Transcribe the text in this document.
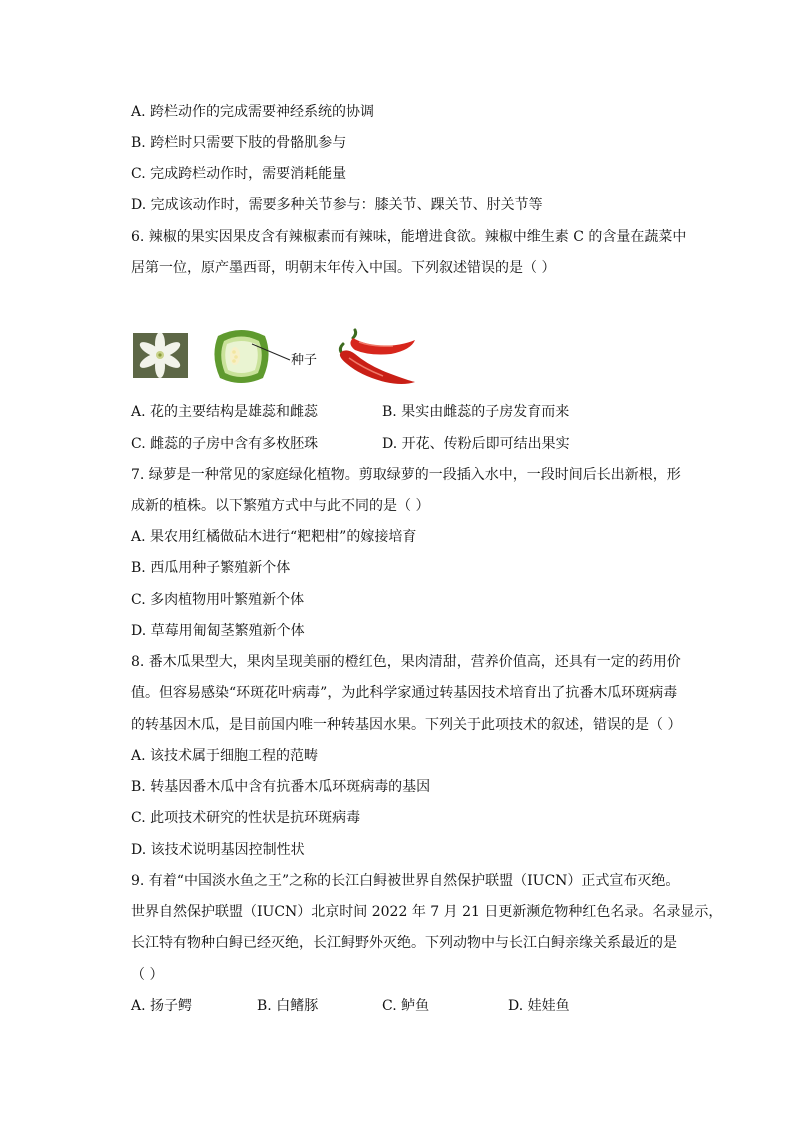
A. 跨栏动作的完成需要神经系统的协调
B. 跨栏时只需要下肢的骨骼肌参与
C. 完成跨栏动作时，需要消耗能量
D. 完成该动作时，需要多种关节参与：膝关节、踝关节、肘关节等
6. 辣椒的果实因果皮含有辣椒素而有辣味，能增进食欲。辣椒中维生素 C 的含量在蔬菜中
居第一位，原产墨西哥，明朝末年传入中国。下列叙述错误的是（ ）
种子
A. 花的主要结构是雄蕊和雌蕊	B. 果实由雌蕊的子房发育而来
C. 雌蕊的子房中含有多枚胚珠	D. 开花、传粉后即可结出果实
7. 绿萝是一种常见的家庭绿化植物。剪取绿萝的一段插入水中，一段时间后长出新根，形
成新的植株。以下繁殖方式中与此不同的是（ ）
A. 果农用红橘做砧木进行“粑粑柑”的嫁接培育
B. 西瓜用种子繁殖新个体
C. 多肉植物用叶繁殖新个体
D. 草莓用匍匐茎繁殖新个体
8. 番木瓜果型大，果肉呈现美丽的橙红色，果肉清甜，营养价值高，还具有一定的药用价
值。但容易感染“环斑花叶病毒”，为此科学家通过转基因技术培育出了抗番木瓜环斑病毒
的转基因木瓜，是目前国内唯一种转基因水果。下列关于此项技术的叙述，错误的是（ ）
A. 该技术属于细胞工程的范畴
B. 转基因番木瓜中含有抗番木瓜环斑病毒的基因
C. 此项技术研究的性状是抗环斑病毒
D. 该技术说明基因控制性状
9. 有着“中国淡水鱼之王”之称的长江白鲟被世界自然保护联盟（IUCN）正式宣布灭绝。
世界自然保护联盟（IUCN）北京时间 2022 年 7 月 21 日更新濒危物种红色名录。名录显示，
长江特有物种白鲟已经灭绝，长江鲟野外灭绝。下列动物中与长江白鲟亲缘关系最近的是
（ ）
A. 扬子鳄	B. 白鳍豚	C. 鲈鱼	D. 娃娃鱼
